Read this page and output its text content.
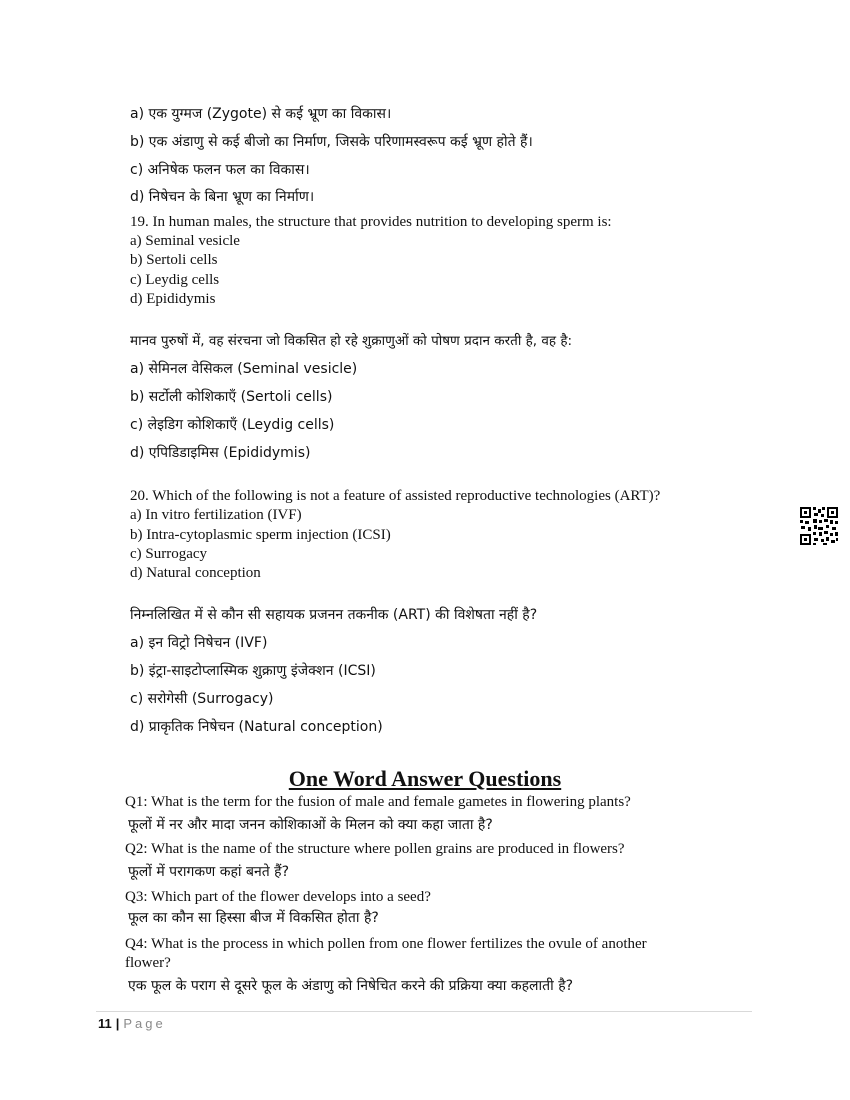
a) एक युग्मज (Zygote) से कई भ्रूण का विकास।
b) एक अंडाणु से कई बीजो का निर्माण, जिसके परिणामस्वरूप कई भ्रूण होते हैं।
c) अनिषेक फलन फल का विकास।
d) निषेचन के बिना भ्रूण का निर्माण।
19. In human males, the structure that provides nutrition to developing sperm is:
a) Seminal vesicle
b) Sertoli cells
c) Leydig cells
d) Epididymis
मानव पुरुषों में, वह संरचना जो विकसित हो रहे शुक्राणुओं को पोषण प्रदान करती है, वह है:
a) सेमिनल वेसिकल (Seminal vesicle)
b) सर्टोली कोशिकाएँ (Sertoli cells)
c) लेइडिग कोशिकाएँ (Leydig cells)
d) एपिडिडाइमिस (Epididymis)
20. Which of the following is not a feature of assisted reproductive technologies (ART)?
a) In vitro fertilization (IVF)
b) Intra-cytoplasmic sperm injection (ICSI)
c) Surrogacy
d) Natural conception
निम्नलिखित में से कौन सी सहायक प्रजनन तकनीक (ART) की विशेषता नहीं है?
a) इन विट्रो निषेचन (IVF)
b) इंट्रा-साइटोप्लास्मिक शुक्राणु इंजेक्शन (ICSI)
c) सरोगेसी (Surrogacy)
d) प्राकृतिक निषेचन (Natural conception)
One Word Answer Questions
Q1: What is the term for the fusion of male and female gametes in flowering plants?
फूलों में नर और मादा जनन कोशिकाओं के मिलन को क्या कहा जाता है?
Q2: What is the name of the structure where pollen grains are produced in flowers?
फूलों में परागकण कहां बनते हैं?
Q3: Which part of the flower develops into a seed?
फूल का कौन सा हिस्सा बीज में विकसित होता है?
Q4: What is the process in which pollen from one flower fertilizes the ovule of another
flower?
एक फूल के पराग से दूसरे फूल के अंडाणु को निषेचित करने की प्रक्रिया क्या कहलाती है?
11 | Page
